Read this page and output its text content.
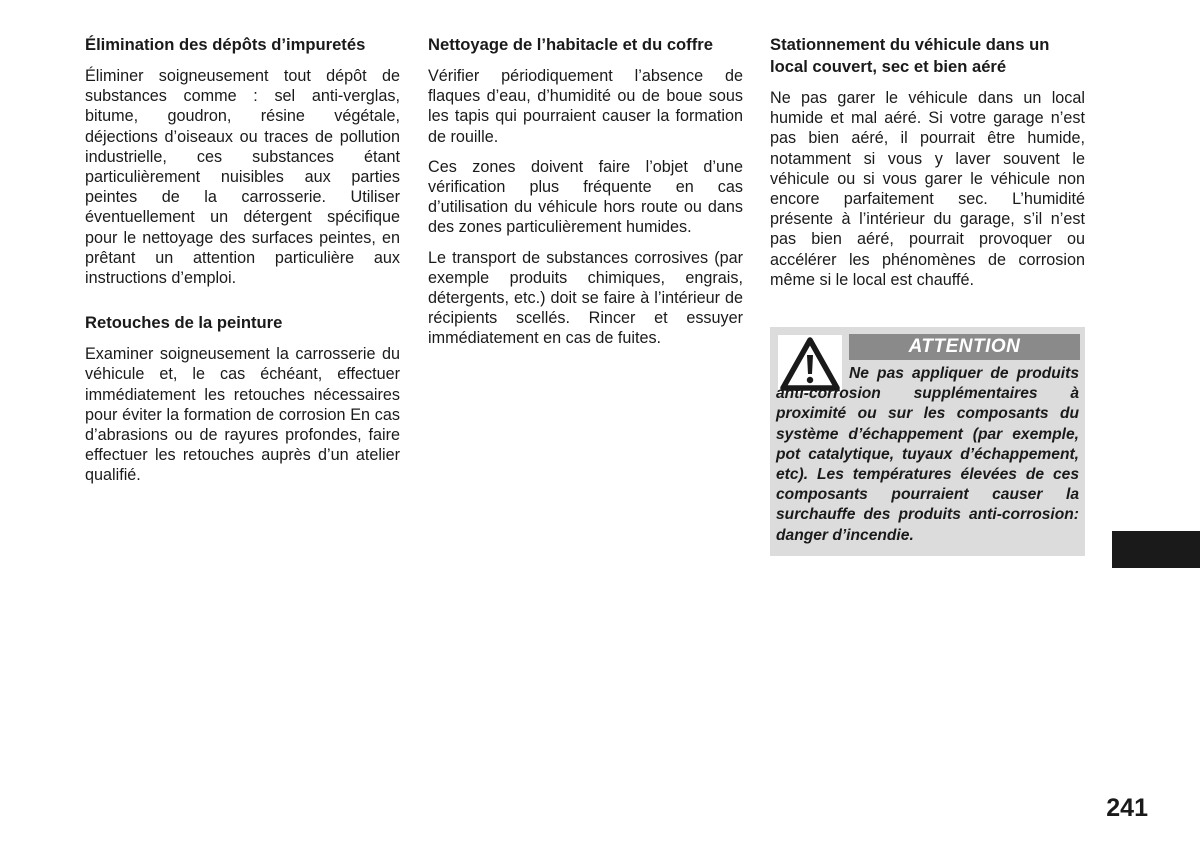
Élimination des dépôts d’impuretés

Éliminer soigneusement tout dépôt de substances comme : sel anti-verglas, bitume, goudron, résine végétale, déjections d’oiseaux ou traces de pollution industrielle, ces substances étant particulièrement nuisibles aux parties peintes de la carrosserie. Utiliser éventuellement un détergent spécifique pour le nettoyage des surfaces peintes, en prêtant un attention particulière aux instructions d’emploi.

Retouches de la peinture

Examiner soigneusement la carrosserie du véhicule et, le cas échéant, effectuer immédiatement les retouches nécessaires pour éviter la formation de corrosion En cas d’abrasions ou de rayures profondes, faire effectuer les retouches auprès d’un atelier qualifié.

Nettoyage de l’habitacle et du coffre

Vérifier périodiquement l’absence de flaques d’eau, d’humidité ou de boue sous les tapis qui pourraient causer la formation de rouille.

Ces zones doivent faire l’objet d’une vérification plus fréquente en cas d’utilisation du véhicule hors route ou dans des zones particulièrement humides.

Le transport de substances corrosives (par exemple produits chimiques, engrais, détergents, etc.) doit se faire à l’intérieur de récipients scellés. Rincer et essuyer immédiatement en cas de fuites.

Stationnement du véhicule dans un local couvert, sec et bien aéré

Ne pas garer le véhicule dans un local humide et mal aéré. Si votre garage n’est pas bien aéré, il pourrait être humide, notamment si vous y laver souvent le véhicule ou si vous garer le véhicule non encore parfaitement sec. L’humidité présente à l’intérieur du garage, s’il n’est pas bien aéré, pourrait provoquer ou accélérer les phénomènes de corrosion même si le local est chauffé.

ATTENTION
Ne pas appliquer de produits anti-corrosion supplémentaires à proximité ou sur les composants du système d’échappement (par exemple, pot catalytique, tuyaux d’échappement, etc). Les températures élevées de ces composants pourraient causer la surchauffe des produits anti-corrosion: danger d’incendie.
241
